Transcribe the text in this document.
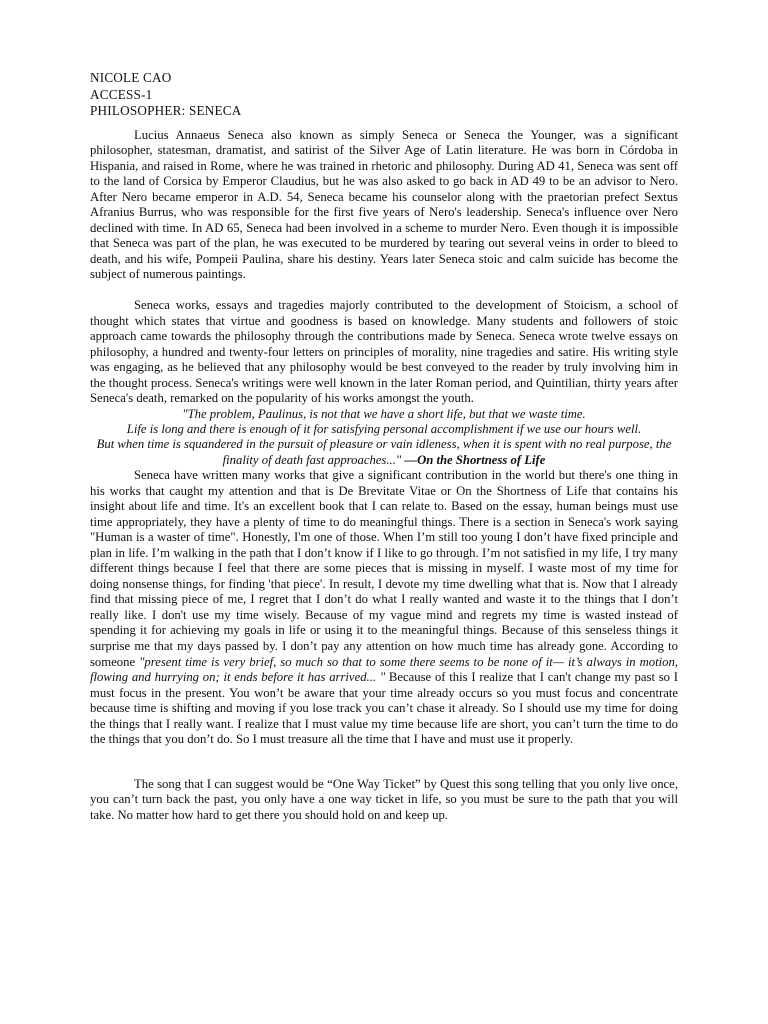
NICOLE CAO

ACCESS-1

PHILOSOPHER: SENECA

Lucius Annaeus Seneca also known as simply Seneca or Seneca the Younger, was a significant philosopher, statesman, dramatist, and satirist of the Silver Age of Latin literature. He was born in Córdoba in Hispania, and raised in Rome, where he was trained in rhetoric and philosophy. During AD 41, Seneca was sent off to the land of Corsica by Emperor Claudius, but he was also asked to go back in AD 49 to be an advisor to Nero. After Nero became emperor in A.D. 54, Seneca became his counselor along with the praetorian prefect Sextus Afranius Burrus, who was responsible for the first five years of Nero's leadership. Seneca's influence over Nero declined with time. In AD 65, Seneca had been involved in a scheme to murder Nero. Even though it is impossible that Seneca was part of the plan, he was executed to be murdered by tearing out several veins in order to bleed to death, and his wife, Pompeii Paulina, share his destiny. Years later Seneca stoic and calm suicide has become the subject of numerous paintings.

Seneca works, essays and tragedies majorly contributed to the development of Stoicism, a school of thought which states that virtue and goodness is based on knowledge. Many students and followers of stoic approach came towards the philosophy through the contributions made by Seneca. Seneca wrote twelve essays on philosophy, a hundred and twenty-four letters on principles of morality, nine tragedies and satire. His writing style was engaging, as he believed that any philosophy would be best conveyed to the reader by truly involving him in the thought process. Seneca's writings were well known in the later Roman period, and Quintilian, thirty years after Seneca's death, remarked on the popularity of his works amongst the youth.

"The problem, Paulinus, is not that we have a short life, but that we waste time.

Life is long and there is enough of it for satisfying personal accomplishment if we use our hours well.

But when time is squandered in the pursuit of pleasure or vain idleness, when it is spent with no real purpose, the finality of death fast approaches..." —On the Shortness of Life

Seneca have written many works that give a significant contribution in the world but there's one thing in his works that caught my attention and that is De Brevitate Vitae or On the Shortness of Life that contains his insight about life and time. It's an excellent book that I can relate to. Based on the essay, human beings must use time appropriately, they have a plenty of time to do meaningful things. There is a section in Seneca's work saying "Human is a waster of time". Honestly, I'm one of those. When I’m still too young I don’t have fixed principle and plan in life. I’m walking in the path that I don’t know if I like to go through. I’m not satisfied in my life, I try many different things because I feel that there are some pieces that is missing in myself. I waste most of my time for doing nonsense things, for finding 'that piece'. In result, I devote my time dwelling what that is. Now that I already find that missing piece of me, I regret that I don’t do what I really wanted and waste it to the things that I don’t really like. I don't use my time wisely. Because of my vague mind and regrets my time is wasted instead of spending it for achieving my goals in life or using it to the meaningful things. Because of this senseless things it surprise me that my days passed by. I don’t pay any attention on how much time has already gone. According to someone "present time is very brief, so much so that to some there seems to be none of it— it’s always in motion, flowing and hurrying on; it ends before it has arrived... " Because of this I realize that I can't change my past so I must focus in the present. You won’t be aware that your time already occurs so you must focus and concentrate because time is shifting and moving if you lose track you can’t chase it already. So I should use my time for doing the things that I really want. I realize that I must value my time because life are short, you can’t turn the time to do the things that you don’t do. So I must treasure all the time that I have and must use it properly.

The song that I can suggest would be “One Way Ticket” by Quest this song telling that you only live once, you can’t turn back the past, you only have a one way ticket in life, so you must be sure to the path that you will take. No matter how hard to get there you should hold on and keep up.
